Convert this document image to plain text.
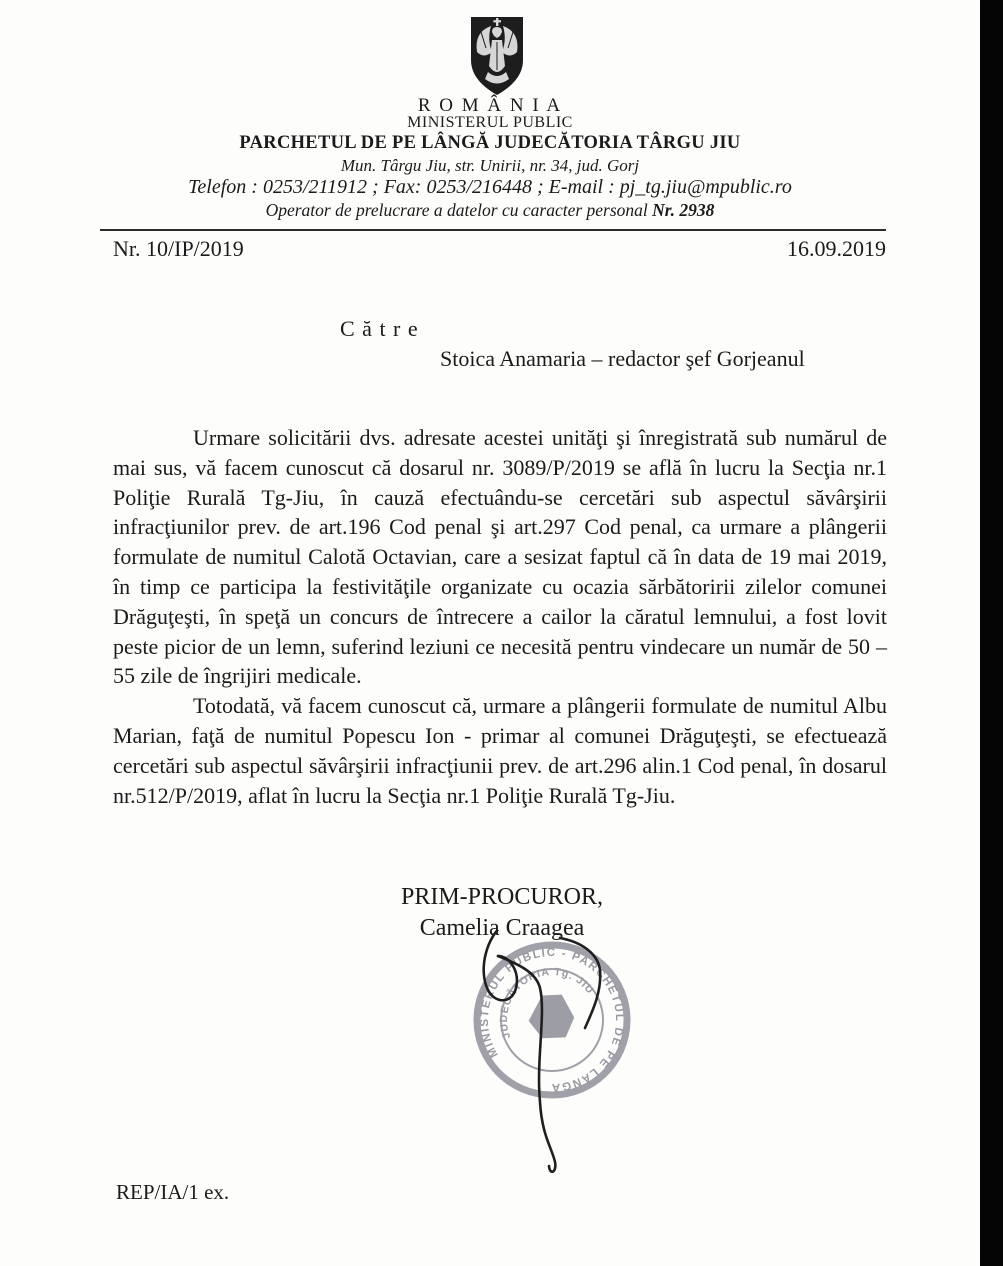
R O M Â N I A
MINISTERUL PUBLIC
PARCHETUL DE PE LÂNGĂ JUDECĂTORIA TÂRGU JIU
Mun. Târgu Jiu, str. Unirii, nr. 34, jud. Gorj
Telefon : 0253/211912 ; Fax: 0253/216448 ; E-mail : pj_tg.jiu@mpublic.ro
Operator de prelucrare a datelor cu caracter personal Nr. 2938
Nr. 10/IP/2019	16.09.2019
C ă t r e
Stoica Anamaria – redactor şef Gorjeanul

Urmare solicitării dvs. adresate acestei unităţi şi înregistrată sub numărul de mai sus, vă facem cunoscut că dosarul nr. 3089/P/2019 se află în lucru la Secţia nr.1 Poliţie Rurală Tg-Jiu, în cauză efectuându-se cercetări sub aspectul săvârşirii infracţiunilor prev. de art.196 Cod penal şi art.297 Cod penal, ca urmare a plângerii formulate de numitul Calotă Octavian, care a sesizat faptul că în data de 19 mai 2019, în timp ce participa la festivităţile organizate cu ocazia sărbătoririi zilelor comunei Drăguţeşti, în speţă un concurs de întrecere a cailor la căratul lemnului, a fost lovit peste picior de un lemn, suferind leziuni ce necesită pentru vindecare un număr de 50 – 55 zile de îngrijiri medicale.

Totodată, vă facem cunoscut că, urmare a plângerii formulate de numitul Albu Marian, faţă de numitul Popescu Ion - primar al comunei Drăguţeşti, se efectuează cercetări sub aspectul săvârşirii infracţiunii prev. de art.296 alin.1 Cod penal, în dosarul nr.512/P/2019, aflat în lucru la Secţia nr.1 Poliţie Rurală Tg-Jiu.

PRIM-PROCUROR,
Camelia Craagea
MINISTERUL PUBLIC - PARCHETUL DE PE LÂNGĂ
JUDECĂTORIA Tg. JIU
REP/IA/1 ex.
